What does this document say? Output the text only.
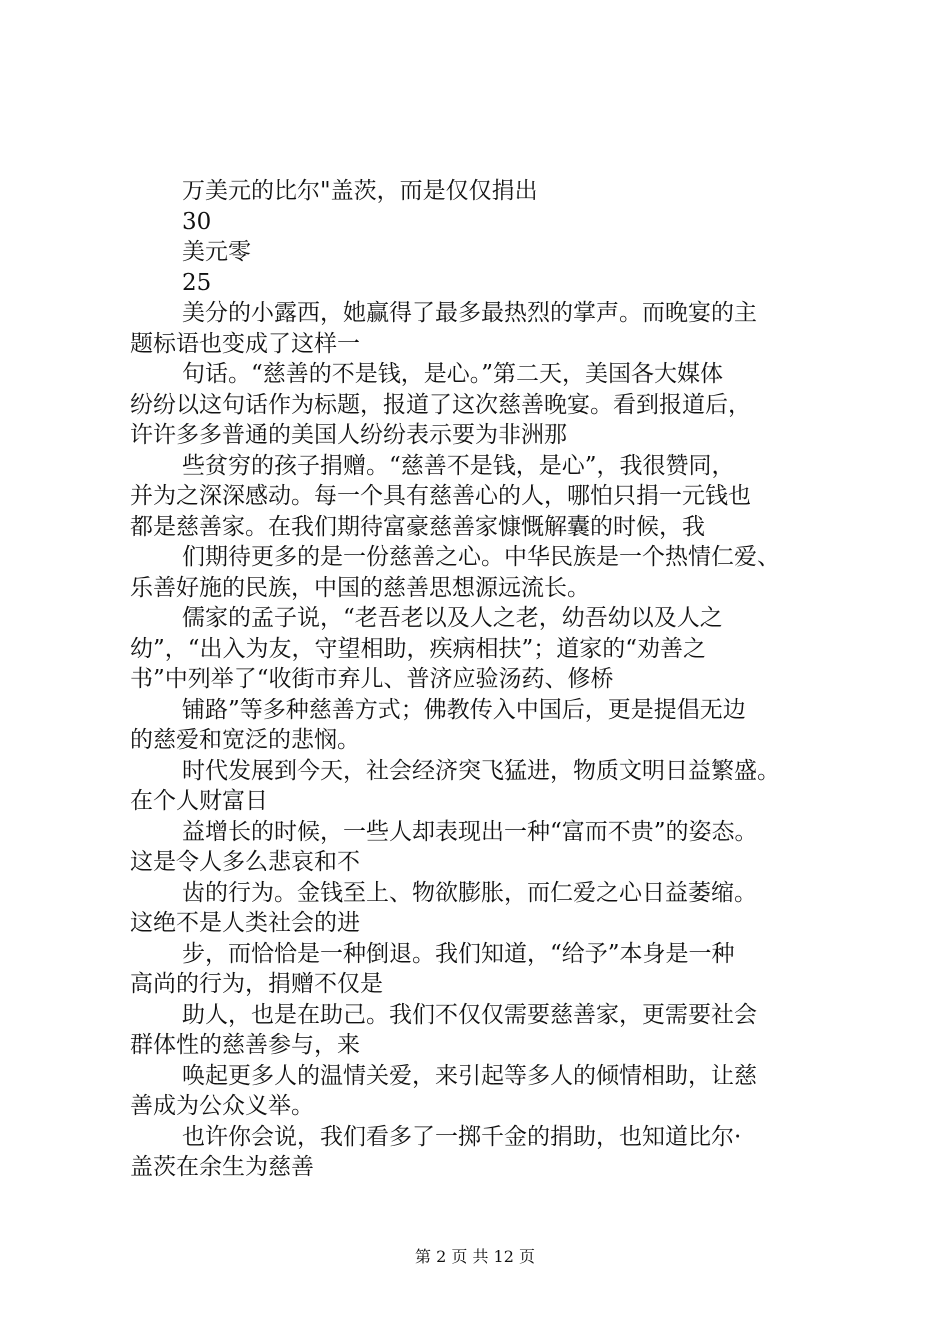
万美元的比尔"盖茨，而是仅仅捐出

30

美元零

25

美分的小露西，她赢得了最多最热烈的掌声。而晚宴的主

题标语也变成了这样一

句话。“慈善的不是钱，是心。”第二天，美国各大媒体

纷纷以这句话作为标题，报道了这次慈善晚宴。看到报道后，

许许多多普通的美国人纷纷表示要为非洲那

些贫穷的孩子捐赠。“慈善不是钱，是心”，我很赞同，

并为之深深感动。每一个具有慈善心的人，哪怕只捐一元钱也

都是慈善家。在我们期待富豪慈善家慷慨解囊的时候，我

们期待更多的是一份慈善之心。中华民族是一个热情仁爱、

乐善好施的民族，中国的慈善思想源远流长。

儒家的孟子说，“老吾老以及人之老，幼吾幼以及人之

幼”，“出入为友，守望相助，疾病相扶”；道家的“劝善之

书”中列举了“收街市弃儿、普济应验汤药、修桥

铺路”等多种慈善方式；佛教传入中国后，更是提倡无边

的慈爱和宽泛的悲悯。

时代发展到今天，社会经济突飞猛进，物质文明日益繁盛。

在个人财富日

益增长的时候，一些人却表现出一种“富而不贵”的姿态。

这是令人多么悲哀和不

齿的行为。金钱至上、物欲膨胀，而仁爱之心日益萎缩。

这绝不是人类社会的进

步，而恰恰是一种倒退。我们知道，“给予”本身是一种

高尚的行为，捐赠不仅是

助人，也是在助己。我们不仅仅需要慈善家，更需要社会

群体性的慈善参与，来

唤起更多人的温情关爱，来引起等多人的倾情相助，让慈

善成为公众义举。

也许你会说，我们看多了一掷千金的捐助，也知道比尔·

盖茨在余生为慈善

第 2 页 共 12 页
